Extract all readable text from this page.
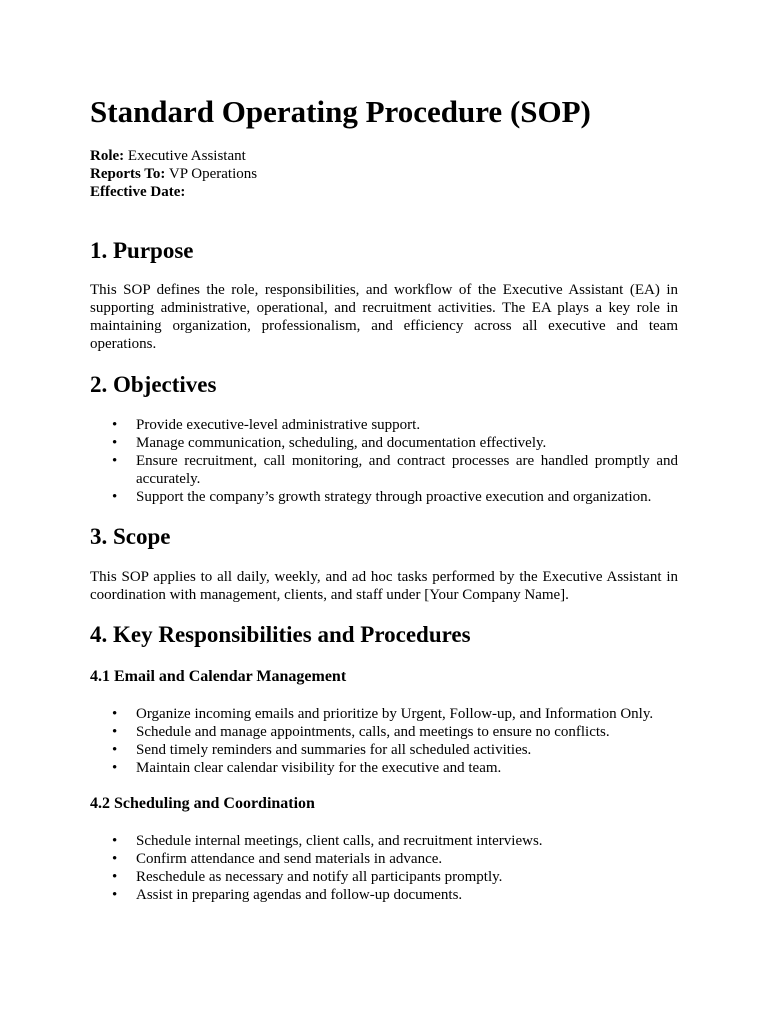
Standard Operating Procedure (SOP)
Role: Executive Assistant
Reports To: VP Operations
Effective Date:
1. Purpose

This SOP defines the role, responsibilities, and workflow of the Executive Assistant (EA) in supporting administrative, operational, and recruitment activities. The EA plays a key role in maintaining organization, professionalism, and efficiency across all executive and team operations.

2. Objectives
• Provide executive-level administrative support.
• Manage communication, scheduling, and documentation effectively.
• Ensure recruitment, call monitoring, and contract processes are handled promptly and accurately.
• Support the company’s growth strategy through proactive execution and organization.
3. Scope

This SOP applies to all daily, weekly, and ad hoc tasks performed by the Executive Assistant in coordination with management, clients, and staff under [Your Company Name].

4. Key Responsibilities and Procedures
4.1 Email and Calendar Management
• Organize incoming emails and prioritize by Urgent, Follow-up, and Information Only.
• Schedule and manage appointments, calls, and meetings to ensure no conflicts.
• Send timely reminders and summaries for all scheduled activities.
• Maintain clear calendar visibility for the executive and team.
4.2 Scheduling and Coordination
• Schedule internal meetings, client calls, and recruitment interviews.
• Confirm attendance and send materials in advance.
• Reschedule as necessary and notify all participants promptly.
• Assist in preparing agendas and follow-up documents.
